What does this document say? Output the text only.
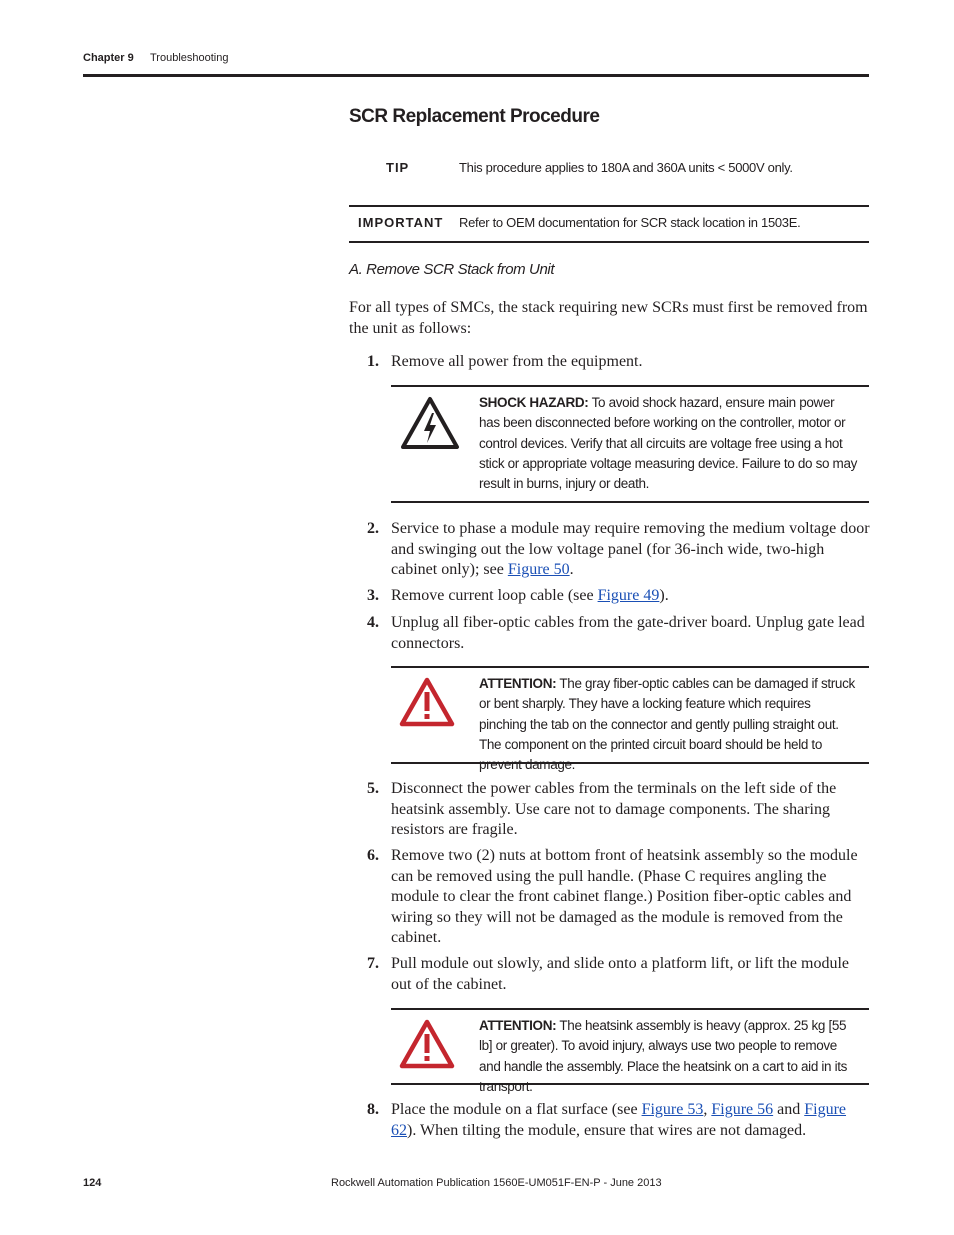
Chapter 9 Troubleshooting
SCR Replacement Procedure
TIP	This procedure applies to 180A and 360A units < 5000V only.
IMPORTANT Refer to OEM documentation for SCR stack location in 1503E.
A. Remove SCR Stack from Unit
For all types of SMCs, the stack requiring new SCRs must first be removed from the unit as follows:
1. Remove all power from the equipment.
SHOCK HAZARD: To avoid shock hazard, ensure main power has been disconnected before working on the controller, motor or control devices. Verify that all circuits are voltage free using a hot stick or appropriate voltage measuring device. Failure to do so may result in burns, injury or death.
2. Service to phase a module may require removing the medium voltage door and swinging out the low voltage panel (for 36-inch wide, two-high cabinet only); see Figure 50.
3. Remove current loop cable (see Figure 49).
4. Unplug all fiber-optic cables from the gate-driver board. Unplug gate lead connectors.
ATTENTION: The gray fiber-optic cables can be damaged if struck or bent sharply. They have a locking feature which requires pinching the tab on the connector and gently pulling straight out. The component on the printed circuit board should be held to prevent damage.
5. Disconnect the power cables from the terminals on the left side of the heatsink assembly. Use care not to damage components. The sharing resistors are fragile.
6. Remove two (2) nuts at bottom front of heatsink assembly so the module can be removed using the pull handle. (Phase C requires angling the module to clear the front cabinet flange.) Position fiber-optic cables and wiring so they will not be damaged as the module is removed from the cabinet.
7. Pull module out slowly, and slide onto a platform lift, or lift the module out of the cabinet.
ATTENTION: The heatsink assembly is heavy (approx. 25 kg [55 lb] or greater). To avoid injury, always use two people to remove and handle the assembly. Place the heatsink on a cart to aid in its transport.
8. Place the module on a flat surface (see Figure 53, Figure 56 and Figure 62). When tilting the module, ensure that wires are not damaged.
124	Rockwell Automation Publication 1560E-UM051F-EN-P - June 2013
